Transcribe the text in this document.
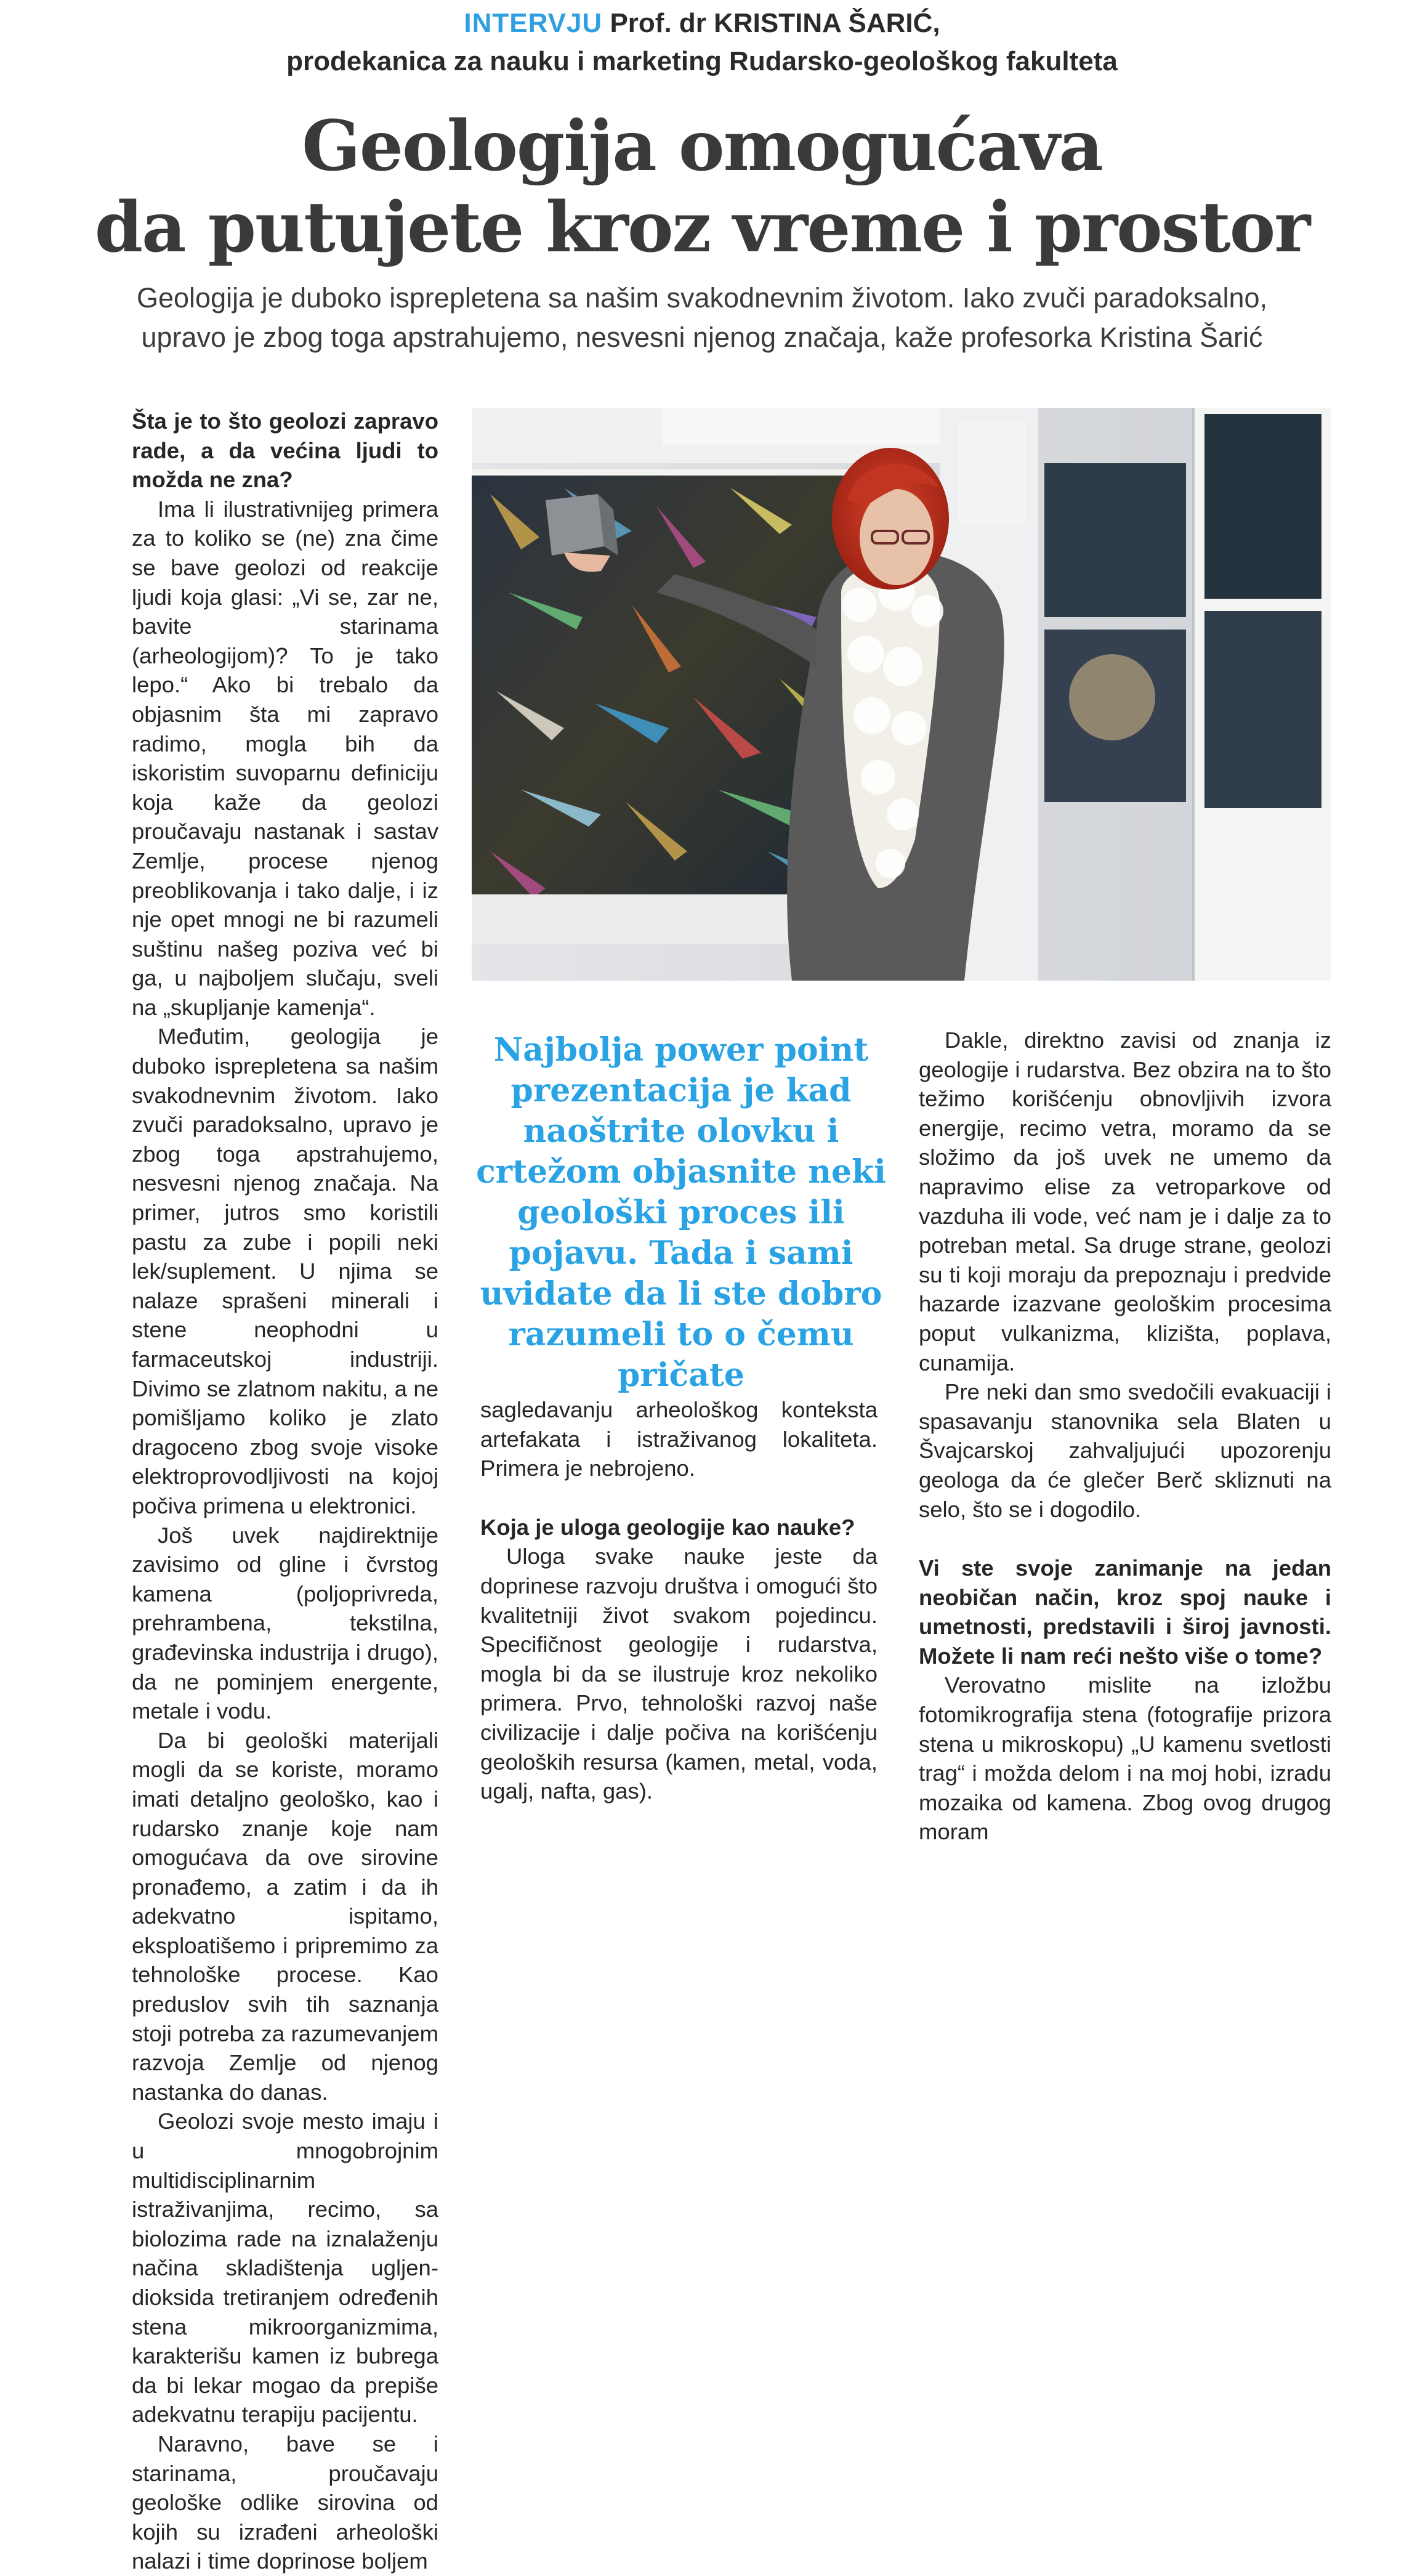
INTERVJU Prof. dr KRISTINA ŠARIĆ,
prodekanica za nauku i marketing Rudarsko-geološkog fakulteta
Geologija omogućava
da putujete kroz vreme i prostor
Geologija je duboko isprepletena sa našim svakodnevnim životom. Iako zvuči paradoksalno,
upravo je zbog toga apstrahujemo, nesvesni njenog značaja, kaže profesorka Kristina Šarić

Šta je to što geolozi zapravo rade, a da većina ljudi to možda ne zna?

Ima li ilustrativnijeg primera za to koliko se (ne) zna čime se bave geolozi od reakcije ljudi koja glasi: „Vi se, zar ne, bavite starinama (arheologijom)? To je tako lepo.“ Ako bi trebalo da objasnim šta mi zapravo radimo, mogla bih da iskoristim suvoparnu definiciju koja kaže da geolozi proučavaju nastanak i sastav Zemlje, procese njenog preoblikovanja i tako dalje, i iz nje opet mnogi ne bi razumeli suštinu našeg poziva već bi ga, u najboljem slučaju, sveli na „skupljanje kamenja“.

Međutim, geologija je duboko isprepletena sa našim svakodnevnim životom. Iako zvuči paradoksalno, upravo je zbog toga apstrahujemo, nesvesni njenog značaja. Na primer, jutros smo koristili pastu za zube i popili neki lek/suplement. U njima se nalaze sprašeni minerali i stene neophodni u farmaceutskoj industriji. Divimo se zlatnom nakitu, a ne pomišljamo koliko je zlato dragoceno zbog svoje visoke elektroprovodljivosti na kojoj počiva primena u elektronici.

Još uvek najdirektnije zavisimo od gline i čvrstog kamena (poljoprivreda, prehrambena, tekstilna, građevinska industrija i drugo), da ne pominjem energente, metale i vodu.

Da bi geološki materijali mogli da se koriste, moramo imati detaljno geološko, kao i rudarsko znanje koje nam omogućava da ove sirovine pronađemo, a zatim i da ih adekvatno ispitamo, eksploatišemo i pripremimo za tehnološke procese. Kao preduslov svih tih saznanja stoji potreba za razumevanjem razvoja Zemlje od njenog nastanka do danas.

Geolozi svoje mesto imaju i u mnogobrojnim multidisciplinarnim istraživanjima, recimo, sa biolozima rade na iznalaženju načina skladištenja ugljen-dioksida tretiranjem određenih stena mikroorganizmima, karakterišu kamen iz bubrega da bi lekar mogao da prepiše adekvatnu terapiju pacijentu.

Naravno, bave se i starinama, proučavaju geološke odlike sirovina od kojih su izrađeni arheološki nalazi i time doprinose boljem

Najbolja power point prezentacija je kad naoštrite olovku i crtežom objasnite neki geološki proces ili pojavu. Tada i sami uvidate da li ste dobro razumeli to o čemu pričate

sagledavanju arheološkog konteksta artefakata i istraživanog lokaliteta. Primera je nebrojeno.

Koja je uloga geologije kao nauke?

Uloga svake nauke jeste da doprinese razvoju društva i omogući što kvalitetniji život svakom pojedincu. Specifičnost geologije i rudarstva, mogla bi da se ilustruje kroz nekoliko primera. Prvo, tehnološki razvoj naše civilizacije i dalje počiva na korišćenju geoloških resursa (kamen, metal, voda, ugalj, nafta, gas).

Dakle, direktno zavisi od znanja iz geologije i rudarstva. Bez obzira na to što težimo korišćenju obnovljivih izvora energije, recimo vetra, moramo da se složimo da još uvek ne umemo da napravimo elise za vetroparkove od vazduha ili vode, već nam je i dalje za to potreban metal. Sa druge strane, geolozi su ti koji moraju da prepoznaju i predvide hazarde izazvane geološkim procesima poput vulkanizma, klizišta, poplava, cunamija.

Pre neki dan smo svedočili evakuaciji i spasavanju stanovnika sela Blaten u Švajcarskoj zahvaljujući upozorenju geologa da će glečer Berč skliznuti na selo, što se i dogodilo.

Vi ste svoje zanimanje na jedan neobičan način, kroz spoj nauke i umetnosti, predstavili i široj javnosti. Možete li nam reći nešto više o tome?

Verovatno mislite na izložbu fotomikrografija stena (fotografije prizora stena u mikroskopu) „U kamenu svetlosti trag“ i možda delom i na moj hobi, izradu mozaika od kamena. Zbog ovog drugog moram
